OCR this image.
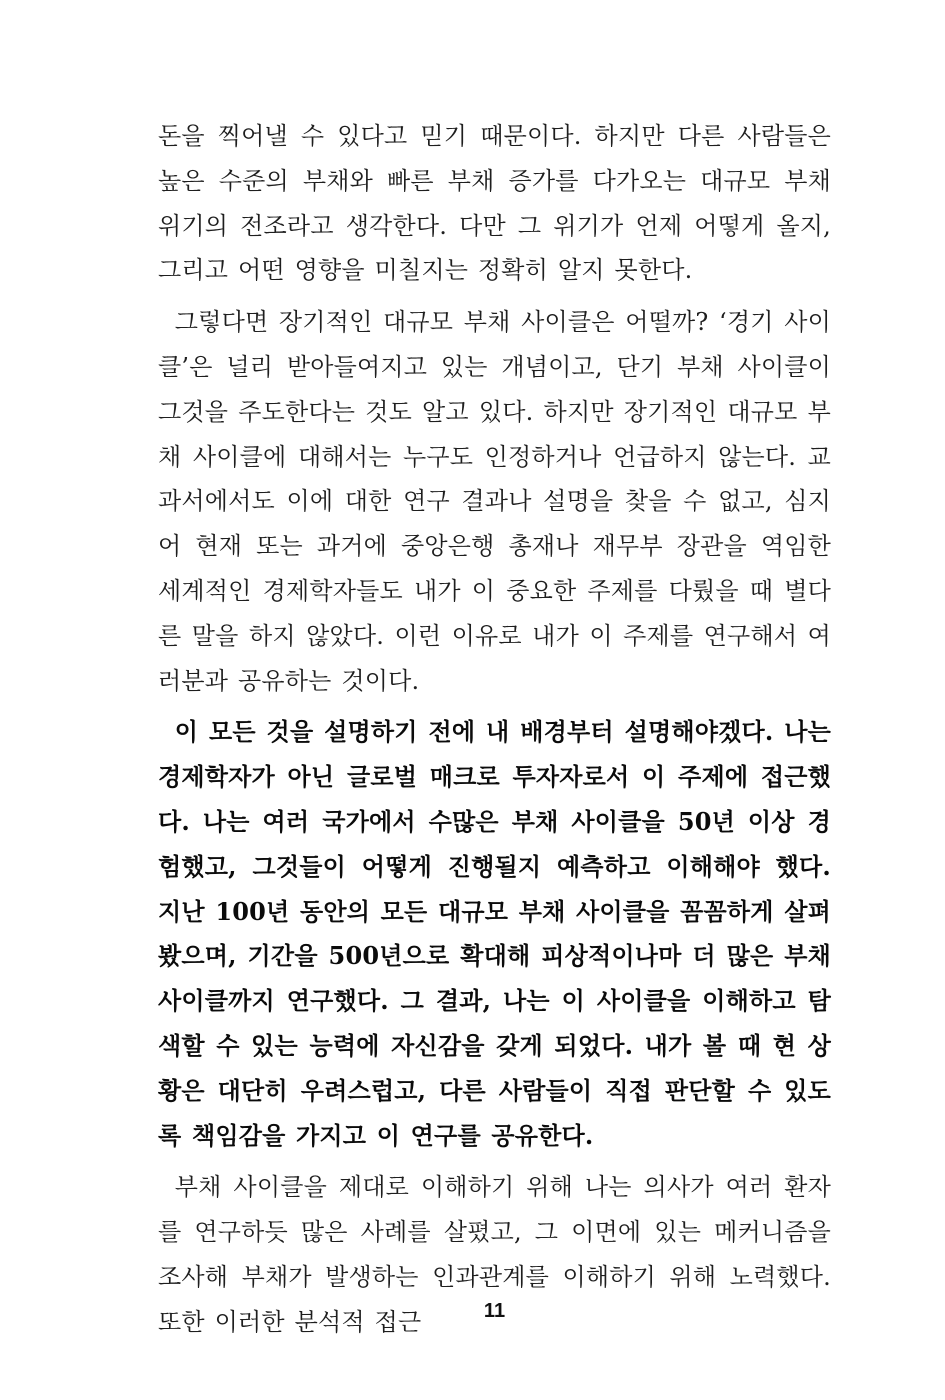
돈을 찍어낼 수 있다고 믿기 때문이다. 하지만 다른 사람들은 높은 수준의 부채와 빠른 부채 증가를 다가오는 대규모 부채 위기의 전조라고 생각한다. 다만 그 위기가 언제 어떻게 올지, 그리고 어떤 영향을 미칠지는 정확히 알지 못한다.

그렇다면 장기적인 대규모 부채 사이클은 어떨까? ‘경기 사이클’은 널리 받아들여지고 있는 개념이고, 단기 부채 사이클이 그것을 주도한다는 것도 알고 있다. 하지만 장기적인 대규모 부채 사이클에 대해서는 누구도 인정하거나 언급하지 않는다. 교과서에서도 이에 대한 연구 결과나 설명을 찾을 수 없고, 심지어 현재 또는 과거에 중앙은행 총재나 재무부 장관을 역임한 세계적인 경제학자들도 내가 이 중요한 주제를 다뤘을 때 별다른 말을 하지 않았다. 이런 이유로 내가 이 주제를 연구해서 여러분과 공유하는 것이다.

이 모든 것을 설명하기 전에 내 배경부터 설명해야겠다. 나는 경제학자가 아닌 글로벌 매크로 투자자로서 이 주제에 접근했다. 나는 여러 국가에서 수많은 부채 사이클을 50년 이상 경험했고, 그것들이 어떻게 진행될지 예측하고 이해해야 했다. 지난 100년 동안의 모든 대규모 부채 사이클을 꼼꼼하게 살펴봤으며, 기간을 500년으로 확대해 피상적이나마 더 많은 부채 사이클까지 연구했다. 그 결과, 나는 이 사이클을 이해하고 탐색할 수 있는 능력에 자신감을 갖게 되었다. 내가 볼 때 현 상황은 대단히 우려스럽고, 다른 사람들이 직접 판단할 수 있도록 책임감을 가지고 이 연구를 공유한다.

부채 사이클을 제대로 이해하기 위해 나는 의사가 여러 환자를 연구하듯 많은 사례를 살폈고, 그 이면에 있는 메커니즘을 조사해 부채가 발생하는 인과관계를 이해하기 위해 노력했다. 또한 이러한 분석적 접근	11
